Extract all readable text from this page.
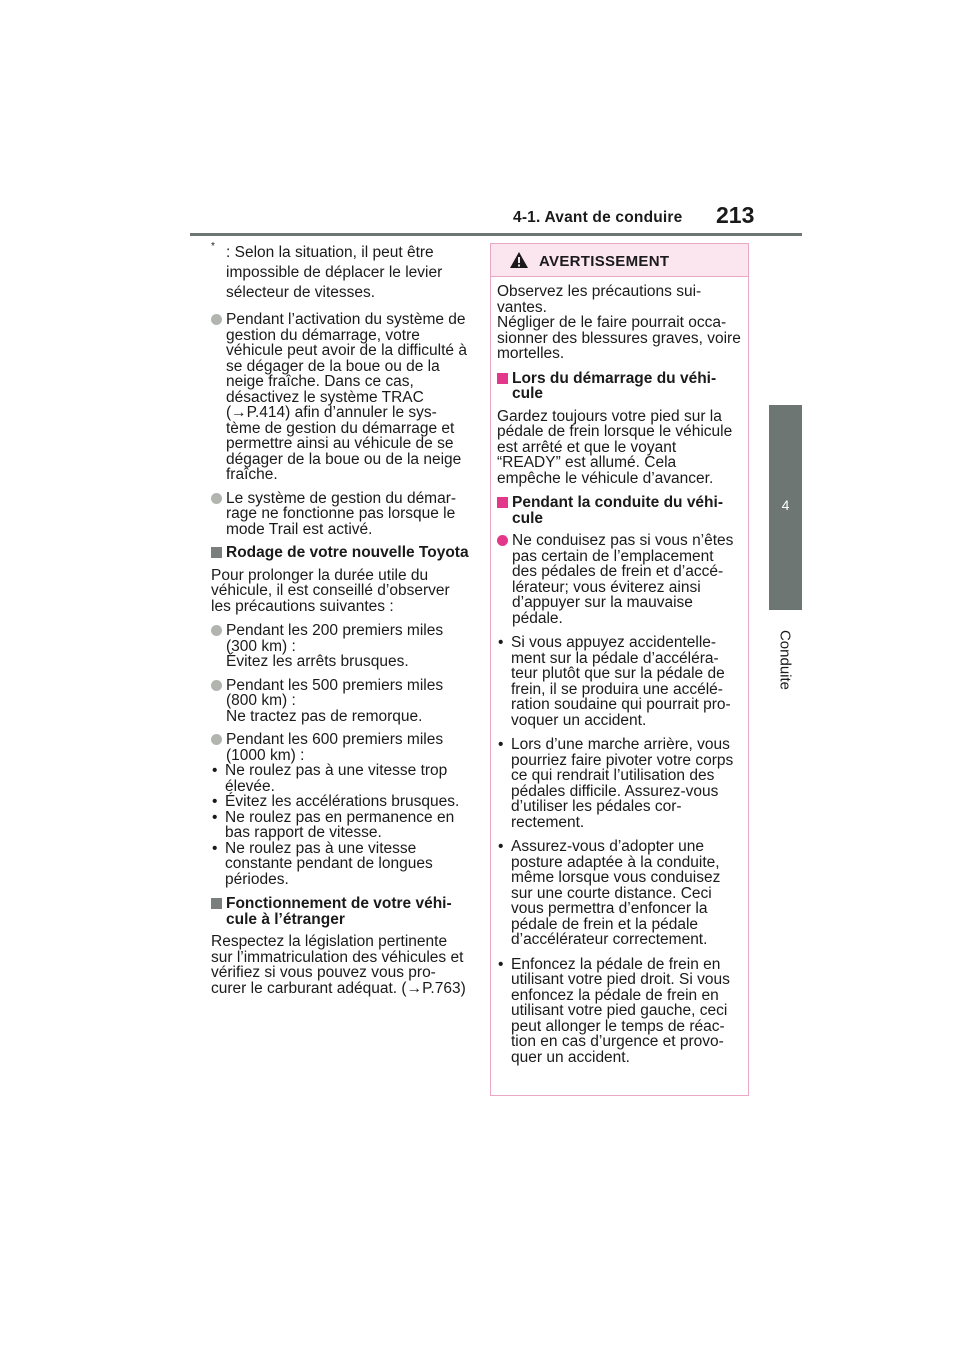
4-1. Avant de conduire 213
4
Conduite
* : Selon la situation, il peut être impossible de déplacer le levier sélecteur de vitesses.
Pendant l’activation du système de gestion du démarrage, votre véhicule peut avoir de la difficulté à se dégager de la boue ou de la neige fraîche. Dans ce cas, désactivez le système TRAC (→P.414) afin d’annuler le sys-tème de gestion du démarrage et permettre ainsi au véhicule de se dégager de la boue ou de la neige fraîche.
Le système de gestion du démar-rage ne fonctionne pas lorsque le mode Trail est activé.
Rodage de votre nouvelle Toyota
Pour prolonger la durée utile du véhicule, il est conseillé d’observer les précautions suivantes :
Pendant les 200 premiers miles (300 km) :
Évitez les arrêts brusques.
Pendant les 500 premiers miles (800 km) :
Ne tractez pas de remorque.
Pendant les 600 premiers miles (1000 km) :
• Ne roulez pas à une vitesse trop élevée.
• Évitez les accélérations brusques.
• Ne roulez pas en permanence en bas rapport de vitesse.
• Ne roulez pas à une vitesse constante pendant de longues périodes.
Fonctionnement de votre véhi-cule à l’étranger
Respectez la législation pertinente sur l’immatriculation des véhicules et vérifiez si vous pouvez vous pro-curer le carburant adéquat. (→P.763)
AVERTISSEMENT
Observez les précautions sui-vantes.
Négliger de le faire pourrait occa-sionner des blessures graves, voire mortelles.
Lors du démarrage du véhi-cule
Gardez toujours votre pied sur la pédale de frein lorsque le véhicule est arrêté et que le voyant “READY” est allumé. Cela empêche le véhicule d’avancer.
Pendant la conduite du véhi-cule
Ne conduisez pas si vous n’êtes pas certain de l’emplacement des pédales de frein et d’accé-lérateur; vous éviterez ainsi d’appuyer sur la mauvaise pédale.
• Si vous appuyez accidentelle-ment sur la pédale d’accéléra-teur plutôt que sur la pédale de frein, il se produira une accélé-ration soudaine qui pourrait pro-voquer un accident.
• Lors d’une marche arrière, vous pourriez faire pivoter votre corps ce qui rendrait l’utilisation des pédales difficile. Assurez-vous d’utiliser les pédales cor-rectement.
• Assurez-vous d’adopter une posture adaptée à la conduite, même lorsque vous conduisez sur une courte distance. Ceci vous permettra d’enfoncer la pédale de frein et la pédale d’accélérateur correctement.
• Enfoncez la pédale de frein en utilisant votre pied droit. Si vous enfoncez la pédale de frein en utilisant votre pied gauche, ceci peut allonger le temps de réac-tion en cas d’urgence et provo-quer un accident.
